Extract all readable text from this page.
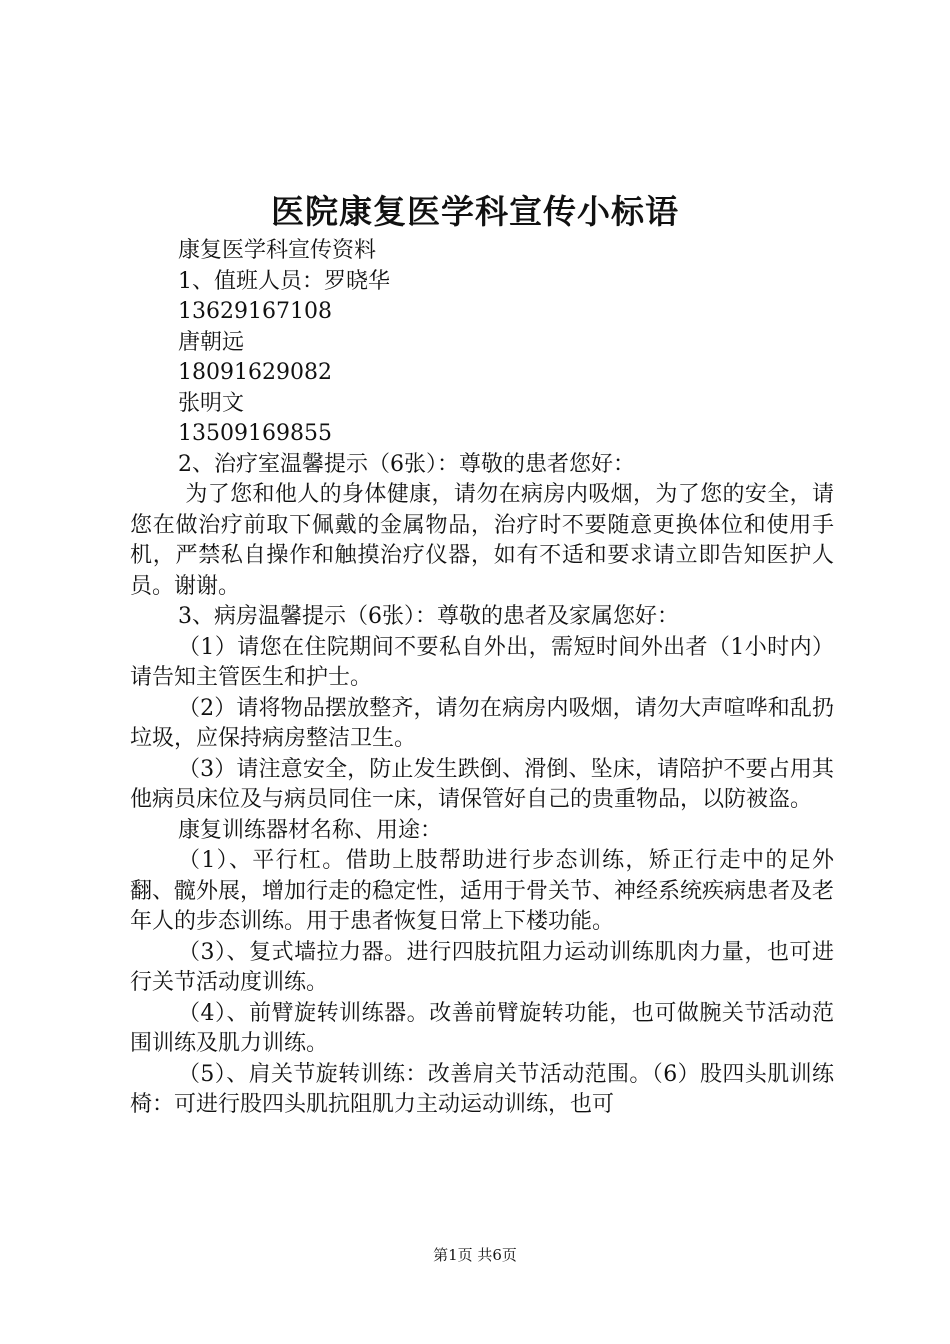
医院康复医学科宣传小标语

康复医学科宣传资料

1、值班人员：罗晓华

13629167108

唐朝远

18091629082

张明文

13509169855

2、治疗室温馨提示（6张）：尊敬的患者您好：

为了您和他人的身体健康，请勿在病房内吸烟，为了您的安全，请您在做治疗前取下佩戴的金属物品，治疗时不要随意更换体位和使用手机，严禁私自操作和触摸治疗仪器，如有不适和要求请立即告知医护人员。谢谢。

3、病房温馨提示（6张）：尊敬的患者及家属您好：

（1）请您在住院期间不要私自外出，需短时间外出者（1小时内）请告知主管医生和护士。

（2）请将物品摆放整齐，请勿在病房内吸烟，请勿大声喧哗和乱扔垃圾，应保持病房整洁卫生。

（3）请注意安全，防止发生跌倒、滑倒、坠床，请陪护不要占用其他病员床位及与病员同住一床，请保管好自己的贵重物品，以防被盗。

康复训练器材名称、用途：

（1）、平行杠。借助上肢帮助进行步态训练，矫正行走中的足外翻、髋外展，增加行走的稳定性，适用于骨关节、神经系统疾病患者及老年人的步态训练。用于患者恢复日常上下楼功能。

（3）、复式墙拉力器。进行四肢抗阻力运动训练肌肉力量，也可进行关节活动度训练。

（4）、前臂旋转训练器。改善前臂旋转功能，也可做腕关节活动范围训练及肌力训练。

（5）、肩关节旋转训练：改善肩关节活动范围。（6）股四头肌训练椅：可进行股四头肌抗阻肌力主动运动训练，也可

第1页 共6页
